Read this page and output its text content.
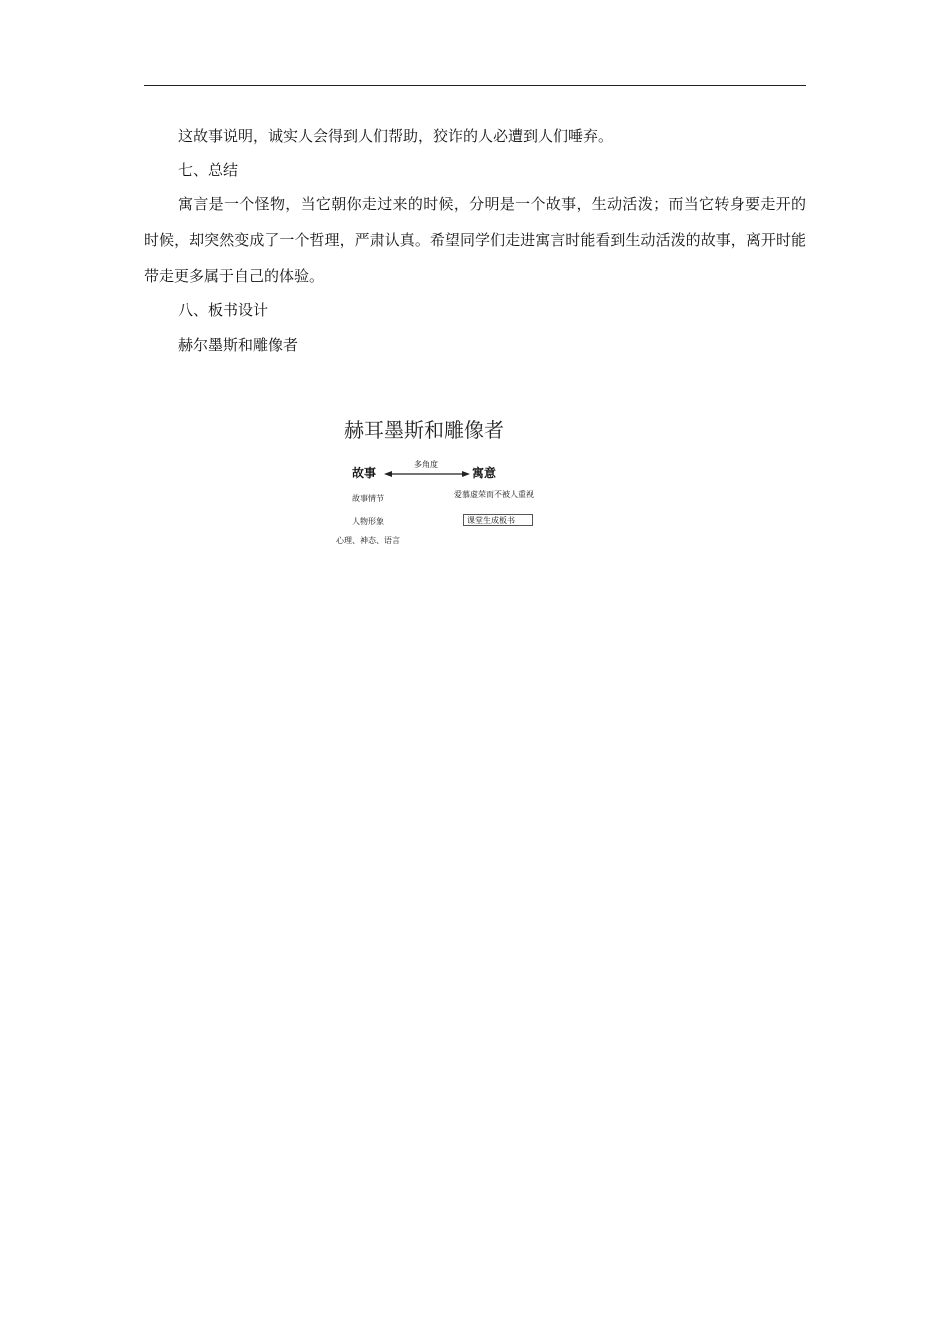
这故事说明，诚实人会得到人们帮助，狡诈的人必遭到人们唾弃。

七、总结

寓言是一个怪物，当它朝你走过来的时候，分明是一个故事，生动活泼；而当它转身要走开的时候，却突然变成了一个哲理，严肃认真。希望同学们走进寓言时能看到生动活泼的故事，离开时能带走更多属于自己的体验。

八、板书设计
赫尔墨斯和雕像者
赫耳墨斯和雕像者
多角度
故事	寓意
故事情节	爱慕虚荣而不被人重视
人物形象	课堂生成板书
心理、神态、语言
